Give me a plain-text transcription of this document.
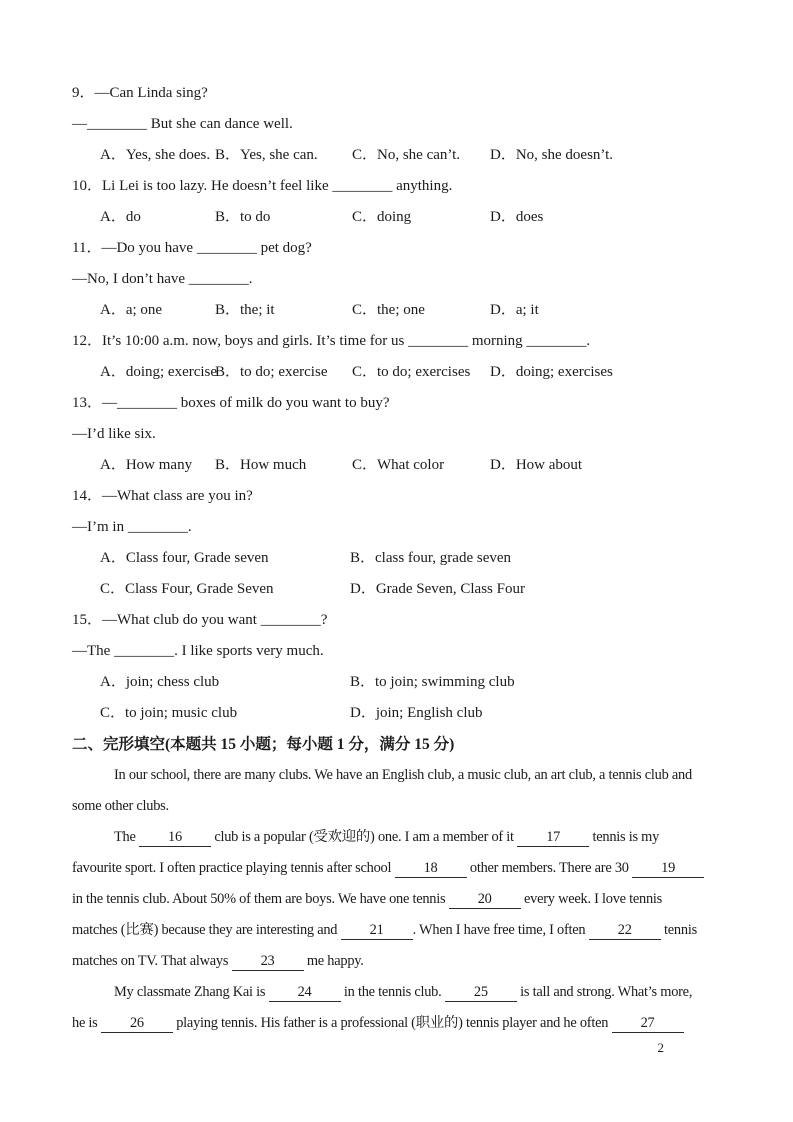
9．—Can Linda sing?
—________ But she can dance well.
A．Yes, she does. B．Yes, she can.	C．No, she can’t.	D．No, she doesn’t.
10．Li Lei is too lazy. He doesn’t feel like ________ anything.
A．do	B．to do	C．doing	D．does
11．—Do you have ________ pet dog?
—No, I don’t have ________.
A．a; one	B．the; it	C．the; one	D．a; it
12．It’s 10:00 a.m. now, boys and girls. It’s time for us ________ morning ________.
A．doing; exercise
B．to do; exercise	C．to do; exercises	D．doing; exercises
13．—________ boxes of milk do you want to buy?
—I’d like six.
A．How many	B．How much	C．What color	D．How about
14．—What class are you in?
—I’m in ________.
A．Class four, Grade seven	B．class four, grade seven
C．Class Four, Grade Seven	D．Grade Seven, Class Four
15．—What club do you want ________?
—The ________. I like sports very much.
A．join; chess club	B．to join; swimming club
C．to join; music club	D．join; English club
二、完形填空(本题共 15 小题；每小题 1 分，满分 15 分)
In our school, there are many clubs. We have an English club, a music club, an art club, a tennis club and
some other clubs.
The 16 club is a popular (受欢迎的) one. I am a member of it 17 tennis is my
favourite sport. I often practice playing tennis after school 18 other members. There are 30 19
in the tennis club. About 50% of them are boys. We have one tennis 20 every week. I love tennis
matches (比赛) because they are interesting and 21 . When I have free time, I often 22 tennis
matches on TV. That always 23 me happy.
My classmate Zhang Kai is 24 in the tennis club. 25 is tall and strong. What’s more,
he is 26 playing tennis. His father is a professional (职业的) tennis player and he often 27
2
